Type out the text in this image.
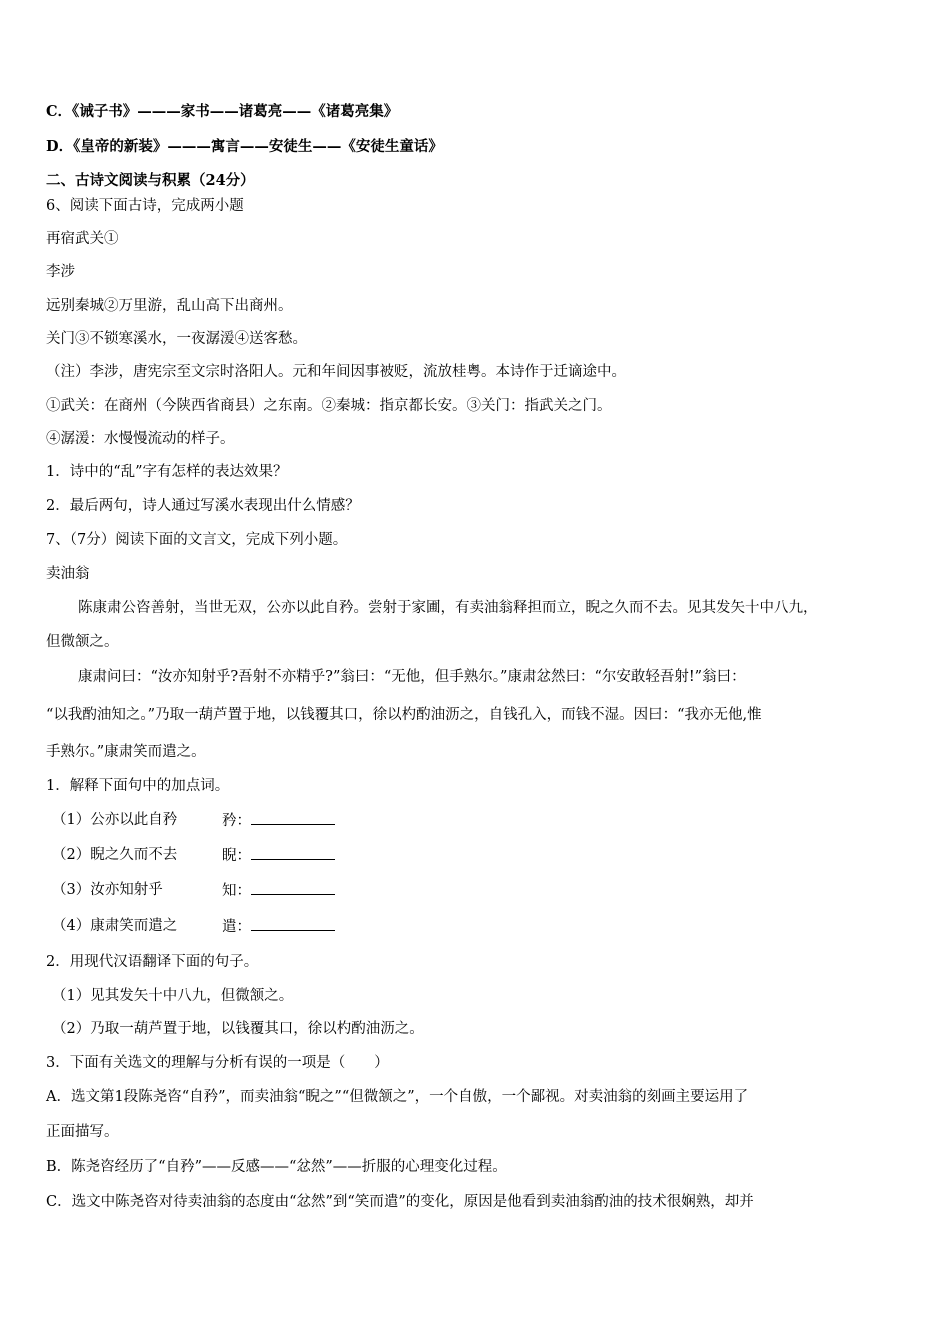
C．《诫子书》———家书——诸葛亮——《诸葛亮集》
D．《皇帝的新装》———寓言——安徒生——《安徒生童话》
二、古诗文阅读与积累（24分）
6、阅读下面古诗，完成两小题
再宿武关①
李涉
远别秦城②万里游，乱山高下出商州。
关门③不锁寒溪水，一夜潺湲④送客愁。
（注）李涉，唐宪宗至文宗时洛阳人。元和年间因事被贬，流放桂粤。本诗作于迁谪途中。
①武关：在商州（今陕西省商县）之东南。②秦城：指京都长安。③关门：指武关之门。
④潺湲：水慢慢流动的样子。
1．诗中的“乱”字有怎样的表达效果？
2．最后两句，诗人通过写溪水表现出什么情感？
7、（7分）阅读下面的文言文，完成下列小题。
卖油翁
陈康肃公咨善射，当世无双，公亦以此自矜。尝射于家圃，有卖油翁释担而立，睨之久而不去。见其发矢十中八九，
但微颔之。
康肃问曰：“汝亦知射乎?吾射不亦精乎?”翁曰：“无他，但手熟尔。”康肃忿然曰：“尔安敢轻吾射!”翁曰：
“以我酌油知之。”乃取一葫芦置于地，以钱覆其口，徐以杓酌油沥之，自钱孔入，而钱不湿。因曰：“我亦无他,惟
手熟尔。”康肃笑而遣之。
1．解释下面句中的加点词。
（1）公亦以此自矜	矜：
（2）睨之久而不去	睨：
（3）汝亦知射乎	知：
（4）康肃笑而遣之	遣：
2．用现代汉语翻译下面的句子。
（1）见其发矢十中八九，但微颔之。
（2）乃取一葫芦置于地，以钱覆其口，徐以杓酌油沥之。
3．下面有关选文的理解与分析有误的一项是（　　）
A．选文第1段陈尧咨“自矜”，而卖油翁“睨之”“但微颔之”，一个自傲，一个鄙视。对卖油翁的刻画主要运用了
正面描写。
B．陈尧咨经历了“自矜”——反感——“忿然”——折服的心理变化过程。
C．选文中陈尧咨对待卖油翁的态度由“忿然”到“笑而遣”的变化，原因是他看到卖油翁酌油的技术很娴熟，却并
